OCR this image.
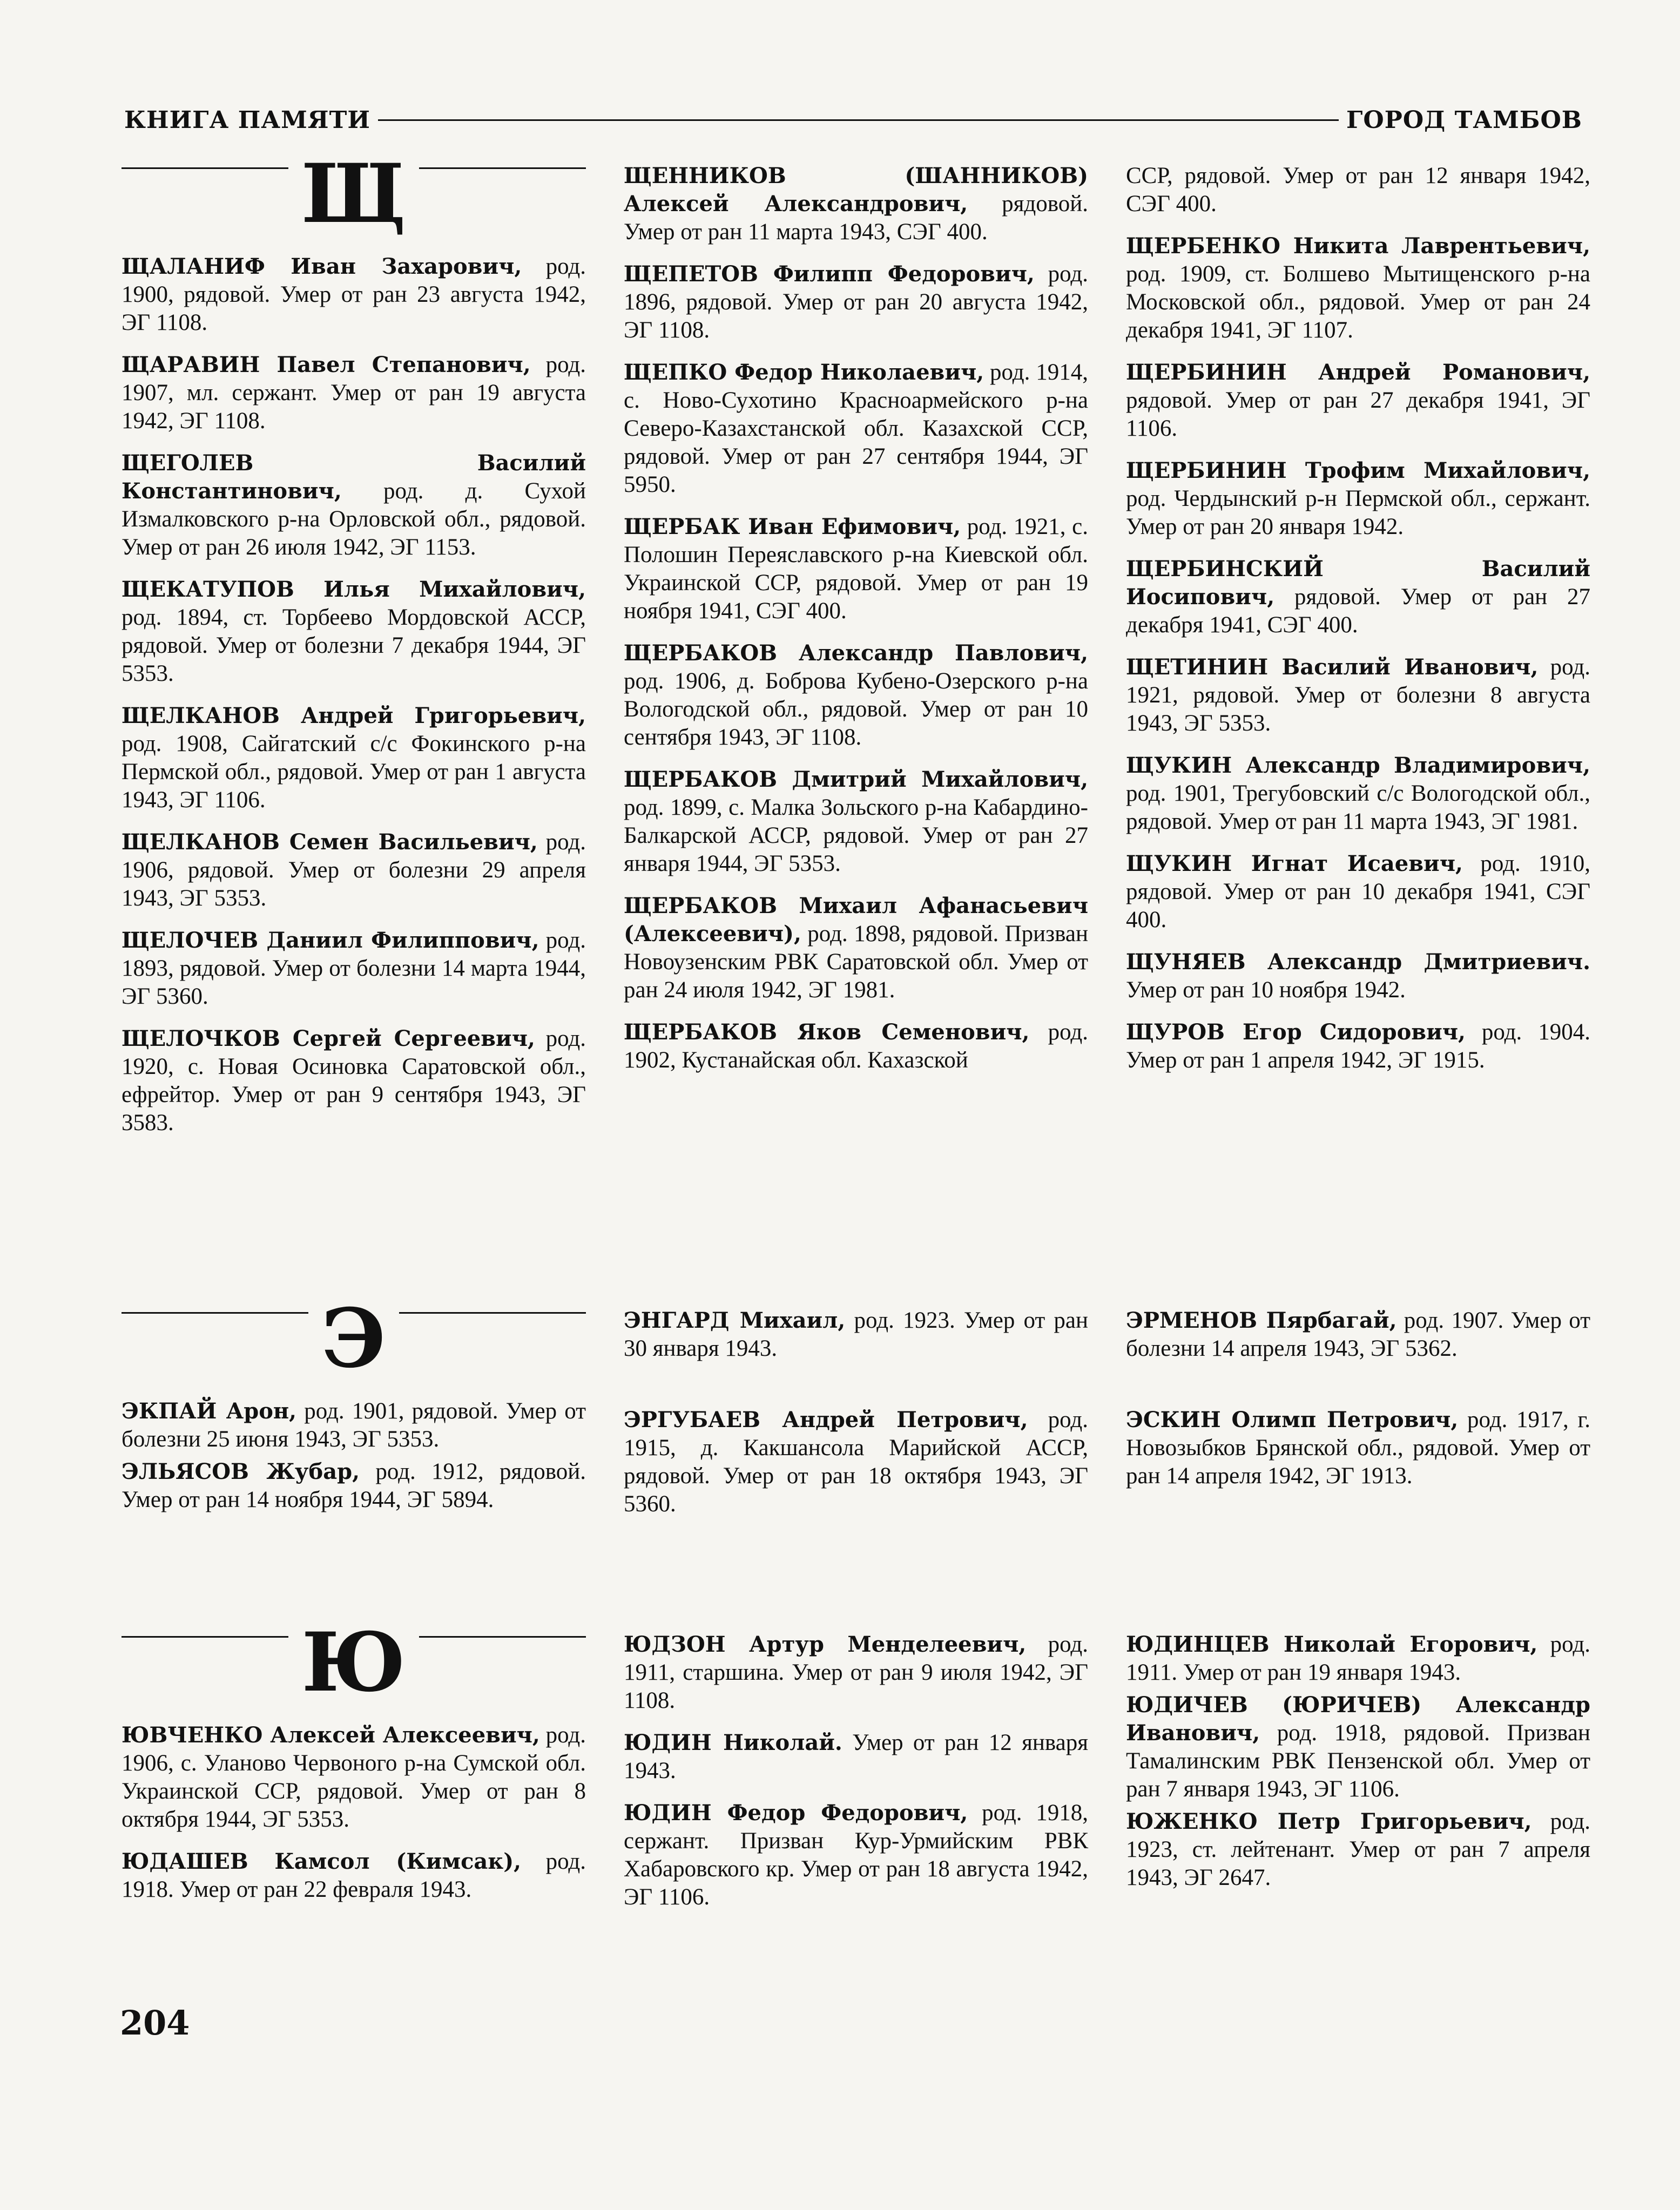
КНИГА ПАМЯТИ	ГОРОД ТАМБОВ
Щ

ЩАЛАНИФ Иван Захарович, род. 1900, рядовой. Умер от ран 23 августа 1942, ЭГ 1108.

ЩАРАВИН Павел Степанович, род. 1907, мл. сержант. Умер от ран 19 августа 1942, ЭГ 1108.

ЩЕГОЛЕВ Василий Константинович, род. д. Сухой Измалковского р-на Орловской обл., рядовой. Умер от ран 26 июля 1942, ЭГ 1153.

ЩЕКАТУПОВ Илья Михайлович, род. 1894, ст. Торбеево Мордовской АССР, рядовой. Умер от болезни 7 декабря 1944, ЭГ 5353.

ЩЕЛКАНОВ Андрей Григорьевич, род. 1908, Сайгатский с/с Фокинского р-на Пермской обл., рядовой. Умер от ран 1 августа 1943, ЭГ 1106.

ЩЕЛКАНОВ Семен Васильевич, род. 1906, рядовой. Умер от болезни 29 апреля 1943, ЭГ 5353.

ЩЕЛОЧЕВ Даниил Филиппович, род. 1893, рядовой. Умер от болезни 14 марта 1944, ЭГ 5360.

ЩЕЛОЧКОВ Сергей Сергеевич, род. 1920, с. Новая Осиновка Саратовской обл., ефрейтор. Умер от ран 9 сентября 1943, ЭГ 3583.

ЩЕННИКОВ (ШАННИКОВ) Алексей Александрович, рядовой. Умер от ран 11 марта 1943, СЭГ 400.

ЩЕПЕТОВ Филипп Федорович, род. 1896, рядовой. Умер от ран 20 августа 1942, ЭГ 1108.

ЩЕПКО Федор Николаевич, род. 1914, с. Ново-Сухотино Красноармейского р-на Северо-Казахстанской обл. Казахской ССР, рядовой. Умер от ран 27 сентября 1944, ЭГ 5950.

ЩЕРБАК Иван Ефимович, род. 1921, с. Полошин Переяславского р-на Киевской обл. Украинской ССР, рядовой. Умер от ран 19 ноября 1941, СЭГ 400.

ЩЕРБАКОВ Александр Павлович, род. 1906, д. Боброва Кубено-Озерского р-на Вологодской обл., рядовой. Умер от ран 10 сентября 1943, ЭГ 1108.

ЩЕРБАКОВ Дмитрий Михайлович, род. 1899, с. Малка Зольского р-на Кабардино-Балкарской АССР, рядовой. Умер от ран 27 января 1944, ЭГ 5353.

ЩЕРБАКОВ Михаил Афанасьевич (Алексеевич), род. 1898, рядовой. Призван Новоузенским РВК Саратовской обл. Умер от ран 24 июля 1942, ЭГ 1981.

ЩЕРБАКОВ Яков Семенович, род. 1902, Кустанайская обл. Кахазской

ССР, рядовой. Умер от ран 12 января 1942, СЭГ 400.

ЩЕРБЕНКО Никита Лаврентьевич, род. 1909, ст. Болшево Мытищенского р-на Московской обл., рядовой. Умер от ран 24 декабря 1941, ЭГ 1107.

ЩЕРБИНИН Андрей Романович, рядовой. Умер от ран 27 декабря 1941, ЭГ 1106.

ЩЕРБИНИН Трофим Михайлович, род. Чердынский р-н Пермской обл., сержант. Умер от ран 20 января 1942.

ЩЕРБИНСКИЙ Василий Иосипович, рядовой. Умер от ран 27 декабря 1941, СЭГ 400.

ЩЕТИНИН Василий Иванович, род. 1921, рядовой. Умер от болезни 8 августа 1943, ЭГ 5353.

ЩУКИН Александр Владимирович, род. 1901, Трегубовский с/с Вологодской обл., рядовой. Умер от ран 11 марта 1943, ЭГ 1981.

ЩУКИН Игнат Исаевич, род. 1910, рядовой. Умер от ран 10 декабря 1941, СЭГ 400.

ЩУНЯЕВ Александр Дмитриевич. Умер от ран 10 ноября 1942.

ЩУРОВ Егор Сидорович, род. 1904. Умер от ран 1 апреля 1942, ЭГ 1915.

Э

ЭКПАЙ Арон, род. 1901, рядовой. Умер от болезни 25 июня 1943, ЭГ 5353.

ЭЛЬЯСОВ Жубар, род. 1912, рядовой. Умер от ран 14 ноября 1944, ЭГ 5894.

ЭНГАРД Михаил, род. 1923. Умер от ран 30 января 1943.

ЭРГУБАЕВ Андрей Петрович, род. 1915, д. Какшансола Марийской АССР, рядовой. Умер от ран 18 октября 1943, ЭГ 5360.

ЭРМЕНОВ Пярбагай, род. 1907. Умер от болезни 14 апреля 1943, ЭГ 5362.

ЭСКИН Олимп Петрович, род. 1917, г. Новозыбков Брянской обл., рядовой. Умер от ран 14 апреля 1942, ЭГ 1913.

Ю

ЮВЧЕНКО Алексей Алексеевич, род. 1906, с. Уланово Червоного р-на Сумской обл. Украинской ССР, рядовой. Умер от ран 8 октября 1944, ЭГ 5353.

ЮДАШЕВ Камсол (Кимсак), род. 1918. Умер от ран 22 февраля 1943.

ЮДЗОН Артур Менделеевич, род. 1911, старшина. Умер от ран 9 июля 1942, ЭГ 1108.

ЮДИН Николай. Умер от ран 12 января 1943.

ЮДИН Федор Федорович, род. 1918, сержант. Призван Кур-Урмийским РВК Хабаровского кр. Умер от ран 18 августа 1942, ЭГ 1106.

ЮДИНЦЕВ Николай Егорович, род. 1911. Умер от ран 19 января 1943.

ЮДИЧЕВ (ЮРИЧЕВ) Александр Иванович, род. 1918, рядовой. Призван Тамалинским РВК Пензенской обл. Умер от ран 7 января 1943, ЭГ 1106.

ЮЖЕНКО Петр Григорьевич, род. 1923, ст. лейтенант. Умер от ран 7 апреля 1943, ЭГ 2647.

204
